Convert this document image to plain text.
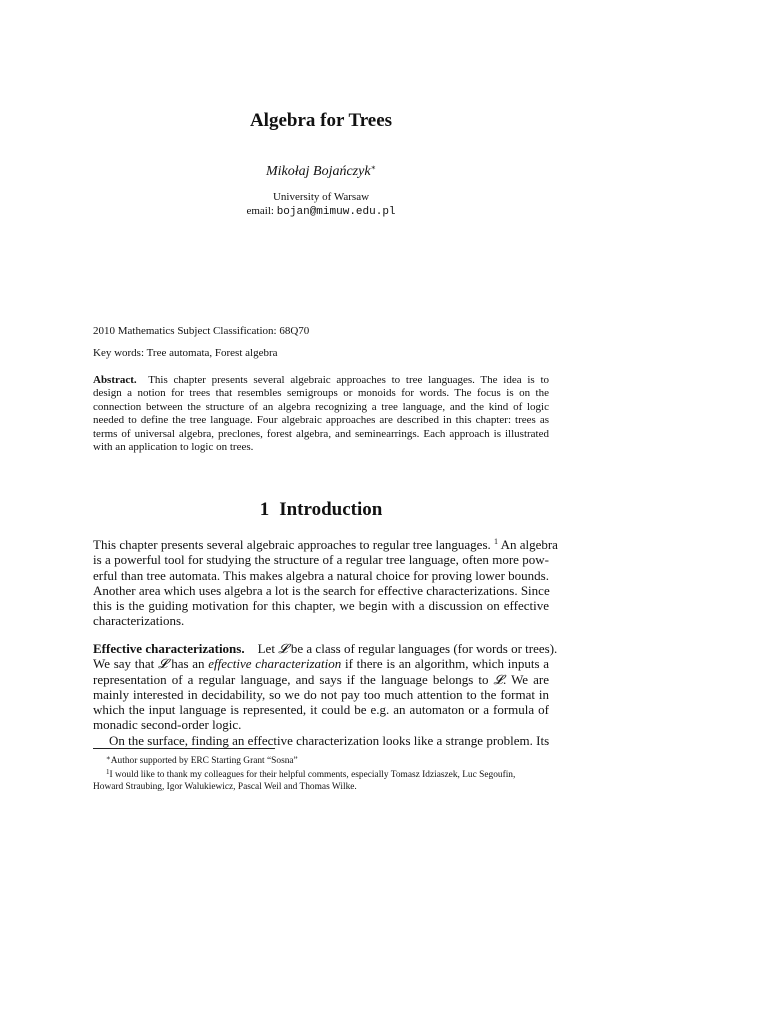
Algebra for Trees
Mikołaj Bojańczyk∗
University of Warsaw
email: bojan@mimuw.edu.pl
2010 Mathematics Subject Classification: 68Q70
Key words: Tree automata, Forest algebra
Abstract. This chapter presents several algebraic approaches to tree languages. The idea is to
design a notion for trees that resembles semigroups or monoids for words. The focus is on the
connection between the structure of an algebra recognizing a tree language, and the kind of logic
needed to define the tree language. Four algebraic approaches are described in this chapter: trees as
terms of universal algebra, preclones, forest algebra, and seminearrings. Each approach is illustrated
with an application to logic on trees.
1 Introduction
This chapter presents several algebraic approaches to regular tree languages. $^1$ An algebra
is a powerful tool for studying the structure of a regular tree language, often more pow-
erful than tree automata. This makes algebra a natural choice for proving lower bounds.
Another area which uses algebra a lot is the search for effective characterizations. Since
this is the guiding motivation for this chapter, we begin with a discussion on effective
characterizations.
Effective characterizations. Let 𝓛 be a class of regular languages (for words or trees).
We say that 𝓛 has an effective characterization if there is an algorithm, which inputs a
representation of a regular language, and says if the language belongs to 𝓛. We are
mainly interested in decidability, so we do not pay too much attention to the format in
which the input language is represented, it could be e.g. an automaton or a formula of
monadic second-order logic.
On the surface, finding an effective characterization looks like a strange problem. Its
∗Author supported by ERC Starting Grant “Sosna”
$^1$I would like to thank my colleagues for their helpful comments, especially Tomasz Idziaszek, Luc Segoufin,
Howard Straubing, Igor Walukiewicz, Pascal Weil and Thomas Wilke.
